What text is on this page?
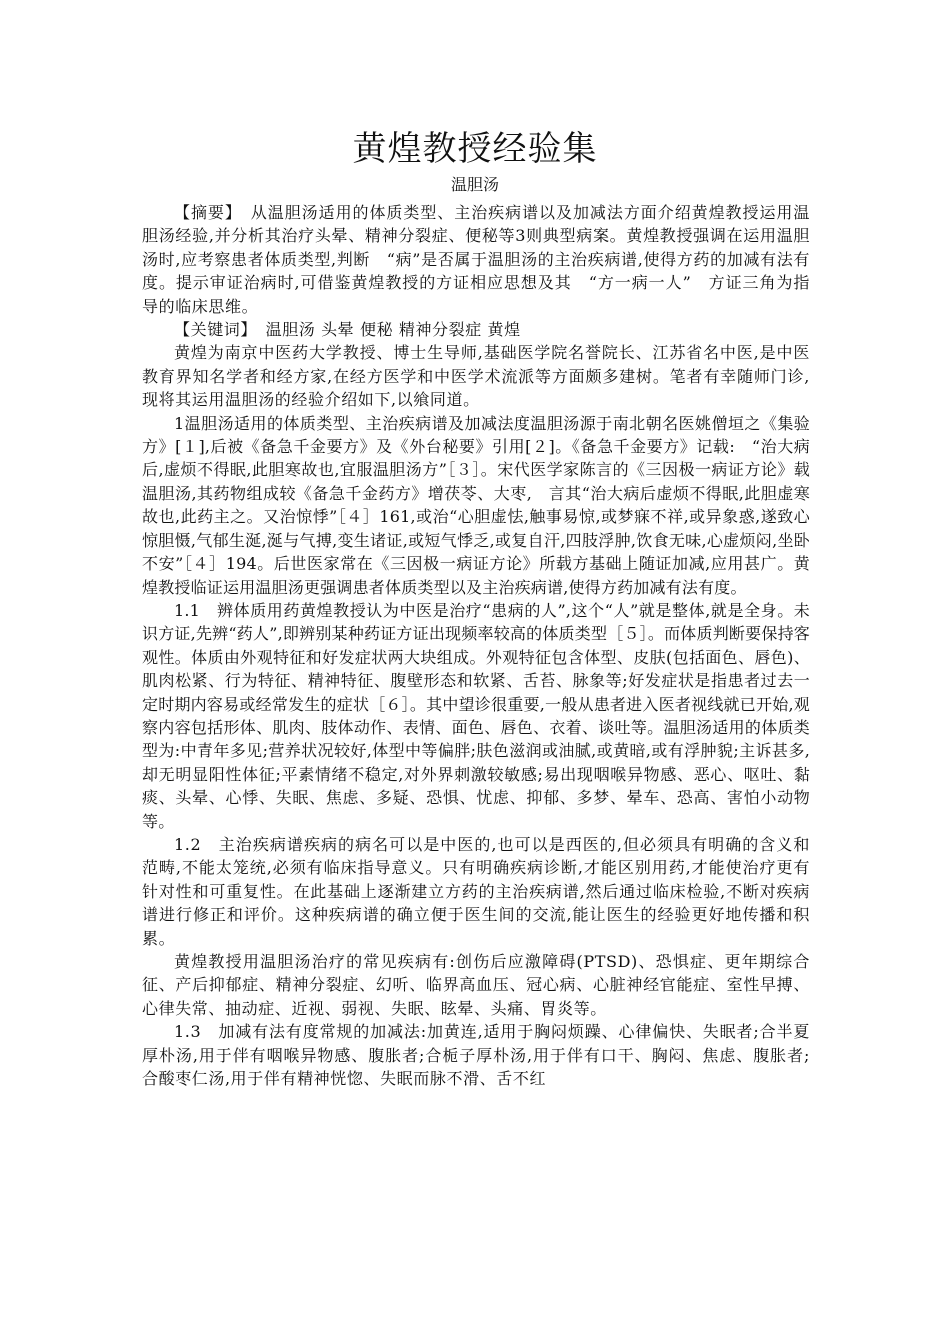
黄煌教授经验集
温胆汤

【摘要】　从温胆汤适用的体质类型、主治疾病谱以及加减法方面介绍黄煌教授运用温胆汤经验,并分析其治疗头晕、精神分裂症、便秘等3则典型病案。黄煌教授强调在运用温胆汤时,应考察患者体质类型,判断　“病”是否属于温胆汤的主治疾病谱,使得方药的加减有法有度。提示审证治病时,可借鉴黄煌教授的方证相应思想及其　“方一病一人”　方证三角为指导的临床思维。

【关键词】　温胆汤 头晕 便秘 精神分裂症 黄煌

黄煌为南京中医药大学教授、博士生导师,基础医学院名誉院长、江苏省名中医,是中医教育界知名学者和经方家,在经方医学和中医学术流派等方面颇多建树。笔者有幸随师门诊,现将其运用温胆汤的经验介绍如下,以飨同道。

1温胆汤适用的体质类型、主治疾病谱及加减法度温胆汤源于南北朝名医姚僧垣之《集验方》[１],后被《备急千金要方》及《外台秘要》引用[２]。《备急千金要方》记载:　“治大病后,虚烦不得眠,此胆寒故也,宜服温胆汤方”［３］。宋代医学家陈言的《三因极一病证方论》载温胆汤,其药物组成较《备急千金药方》增茯苓、大枣,　言其“治大病后虚烦不得眠,此胆虚寒故也,此药主之。又治惊悸”［４］161,或治“心胆虚怯,触事易惊,或梦寐不祥,或异象惑,遂致心惊胆慑,气郁生涎,涎与气搏,变生诸证,或短气悸乏,或复自汗,四肢浮肿,饮食无味,心虚烦闷,坐卧不安”［４］194。后世医家常在《三因极一病证方论》所载方基础上随证加减,应用甚广。黄煌教授临证运用温胆汤更强调患者体质类型以及主治疾病谱,使得方药加减有法有度。

1.1　辨体质用药黄煌教授认为中医是治疗“患病的人”,这个“人”就是整体,就是全身。未识方证,先辨“药人”,即辨别某种药证方证出现频率较高的体质类型［５］。而体质判断要保持客观性。体质由外观特征和好发症状两大块组成。外观特征包含体型、皮肤(包括面色、唇色)、肌肉松紧、行为特征、精神特征、腹壁形态和软紧、舌苔、脉象等;好发症状是指患者过去一定时期内容易或经常发生的症状［６］。其中望诊很重要,一般从患者进入医者视线就已开始,观察内容包括形体、肌肉、肢体动作、表情、面色、唇色、衣着、谈吐等。温胆汤适用的体质类型为:中青年多见;营养状况较好,体型中等偏胖;肤色滋润或油腻,或黄暗,或有浮肿貌;主诉甚多,却无明显阳性体征;平素情绪不稳定,对外界刺激较敏感;易出现咽喉异物感、恶心、呕吐、黏痰、头晕、心悸、失眠、焦虑、多疑、恐惧、忧虑、抑郁、多梦、晕车、恐高、害怕小动物等。

1.2　主治疾病谱疾病的病名可以是中医的,也可以是西医的,但必须具有明确的含义和范畴,不能太笼统,必须有临床指导意义。只有明确疾病诊断,才能区别用药,才能使治疗更有针对性和可重复性。在此基础上逐渐建立方药的主治疾病谱,然后通过临床检验,不断对疾病谱进行修正和评价。这种疾病谱的确立便于医生间的交流,能让医生的经验更好地传播和积累。

黄煌教授用温胆汤治疗的常见疾病有:创伤后应激障碍(PTSD)、恐惧症、更年期综合征、产后抑郁症、精神分裂症、幻听、临界高血压、冠心病、心脏神经官能症、室性早搏、心律失常、抽动症、近视、弱视、失眠、眩晕、头痛、胃炎等。

1.3　加减有法有度常规的加减法:加黄连,适用于胸闷烦躁、心律偏快、失眠者;合半夏厚朴汤,用于伴有咽喉异物感、腹胀者;合栀子厚朴汤,用于伴有口干、胸闷、焦虑、腹胀者;合酸枣仁汤,用于伴有精神恍惚、失眠而脉不滑、舌不红
